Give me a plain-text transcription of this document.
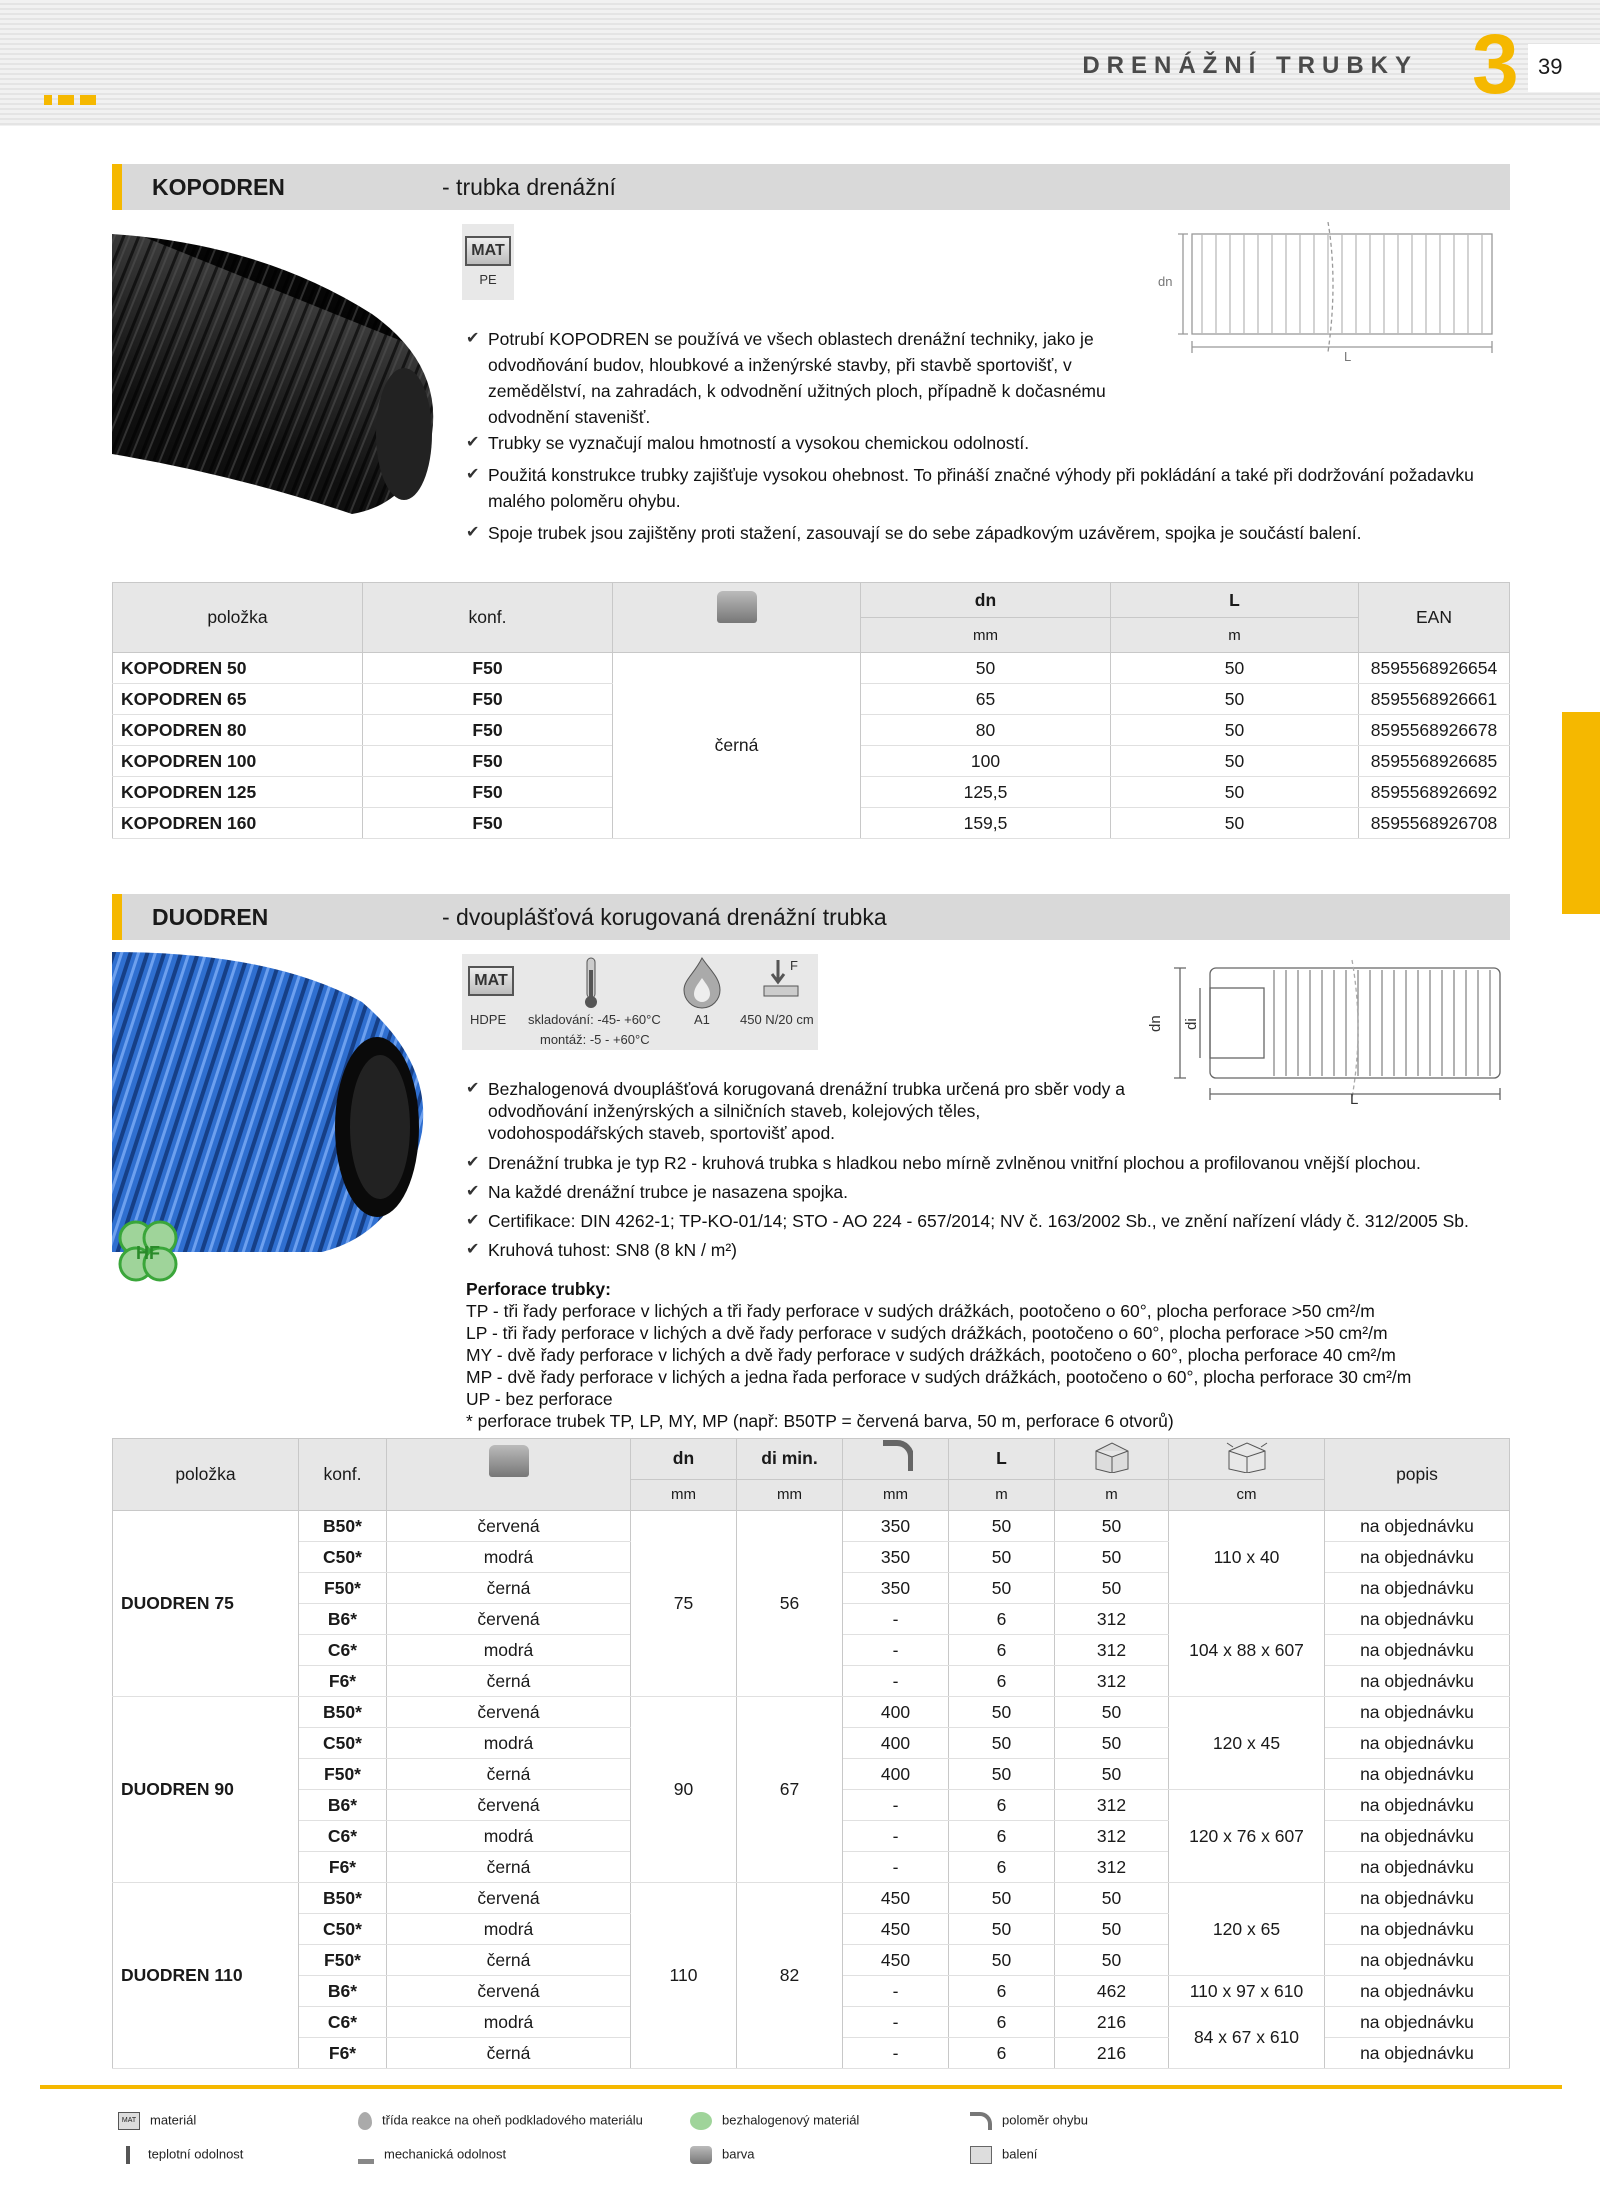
DRENÁŽNÍ TRUBKY 3 39
KOPODREN	- trubka drenážní
MAT
PE	dn
L

✔ Potrubí KOPODREN se používá ve všech oblastech drenážní techniky, jako je odvodňování budov, hloubkové a inženýrské stavby, při stavbě sportovišť, v zemědělství, na zahradách, k odvodnění užitných ploch, případně k dočasnému odvodnění stavenišť.

✔ Trubky se vyznačují malou hmotností a vysokou chemickou odolností.

✔ Použitá konstrukce trubky zajišťuje vysokou ohebnost. To přináší značné výhody při pokládání a také při dodržování požadavku malého poloměru ohybu.

✔ Spoje trubek jsou zajištěny proti stažení, zasouvají se do sebe západkovým uzávěrem, spojka je součástí balení.

položka	konf.		dn	L	EAN
			mm	m	
KOPODREN 50	F50	černá	50	50	8595568926654
KOPODREN 65	F50		65	50	8595568926661
KOPODREN 80	F50		80	50	8595568926678
KOPODREN 100	F50		100	50	8595568926685
KOPODREN 125	F50		125,5	50	8595568926692
KOPODREN 160	F50		159,5	50	8595568926708
DUODREN	- dvouplášťová korugovaná drenážní trubka
HF
MAT
F
HDPE skladování: -45- +60°C
montáž: -5 - +60°C
A1 450 N/20 cm	dn di
L

✔ Bezhalogenová dvouplášťová korugovaná drenážní trubka určená pro sběr vody a odvodňování inženýrských a silničních staveb, kolejových těles, vodohospodářských staveb, sportovišť apod.

✔ Drenážní trubka je typ R2 - kruhová trubka s hladkou nebo mírně zvlněnou vnitřní plochou a profilovanou vnější plochou.

✔ Na každé drenážní trubce je nasazena spojka.

✔ Certifikace: DIN 4262-1; TP-KO-01/14; STO - AO 224 - 657/2014; NV č. 163/2002 Sb., ve znění nařízení vlády č. 312/2005 Sb.

✔ Kruhová tuhost: SN8 (8 kN / m²)

Perforace trubky:
TP - tři řady perforace v lichých a tři řady perforace v sudých drážkách, pootočeno o 60°, plocha perforace >50 cm²/m
LP - tři řady perforace v lichých a dvě řady perforace v sudých drážkách, pootočeno o 60°, plocha perforace >50 cm²/m
MY - dvě řady perforace v lichých a dvě řady perforace v sudých drážkách, pootočeno o 60°, plocha perforace 40 cm²/m
MP - dvě řady perforace v lichých a jedna řada perforace v sudých drážkách, pootočeno o 60°, plocha perforace 30 cm²/m
UP - bez perforace
* perforace trubek TP, LP, MY, MP (např: B50TP = červená barva, 50 m, perforace 6 otvorů)
položka	konf.		dn	di min.		L			popis
			mm	mm	mm	m	m	cm	
DUODREN 75	B50*	červená	75	56	350	50	50	110 x 40	na objednávku
	C50*	modrá			350	50	50		na objednávku
	F50*	černá			350	50	50		na objednávku
	B6*	červená			-	6	312	104 x 88 x 607	na objednávku
	C6*	modrá			-	6	312		na objednávku
	F6*	černá			-	6	312		na objednávku
DUODREN 90	B50*	červená	90	67	400	50	50	120 x 45	na objednávku
	C50*	modrá			400	50	50		na objednávku
	F50*	černá			400	50	50		na objednávku
	B6*	červená			-	6	312	120 x 76 x 607	na objednávku
	C6*	modrá			-	6	312		na objednávku
	F6*	černá			-	6	312		na objednávku
DUODREN 110	B50*	červená	110	82	450	50	50	120 x 65	na objednávku
	C50*	modrá			450	50	50		na objednávku
	F50*	černá			450	50	50		na objednávku
	B6*	červená			-	6	462	110 x 97 x 610	na objednávku
	C6*	modrá			-	6	216	84 x 67 x 610	na objednávku
	F6*	černá			-	6	216		na objednávku
MAT materiál	třída reakce na oheň podkladového materiálu	bezhalogenový materiál	poloměr ohybu
teplotní odolnost	mechanická odolnost	barva	balení
